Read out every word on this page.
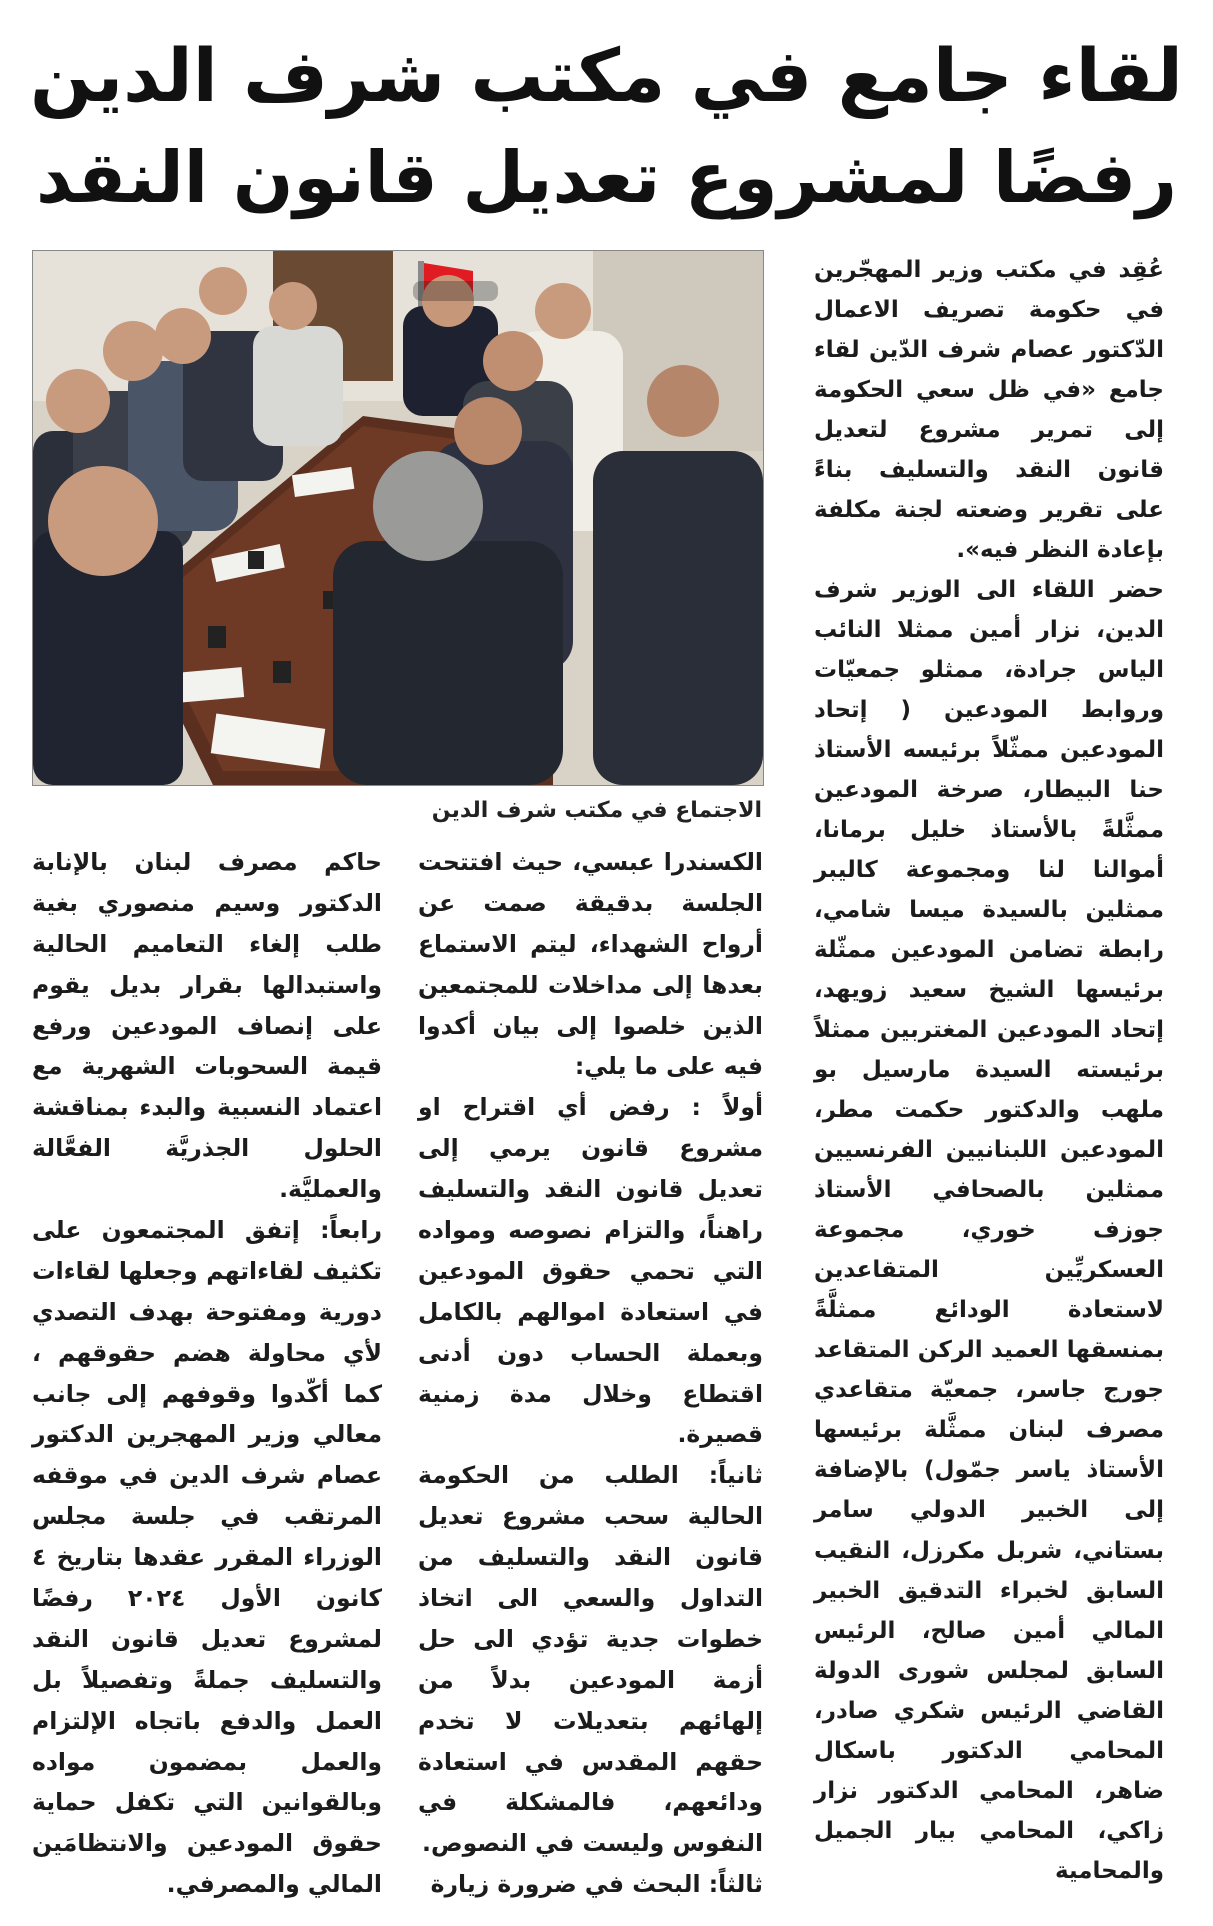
لقاء جامع في مكتب شرف الدين
رفضًا لمشروع تعديل قانون النقد
الاجتماع في مكتب شرف الدين

عُقِد في مكتب وزير المهجّرين في حكومة تصريف الاعمال الدّكتور عصام شرف الدّين لقاء جامع «في ظل سعي الحكومة إلى تمرير مشروع لتعديل قانون النقد والتسليف بناءً على تقرير وضعته لجنة مكلفة بإعادة النظر فيه».

حضر اللقاء الى الوزير شرف الدين، نزار أمين ممثلا النائب الياس جرادة، ممثلو جمعيّات وروابط المودعين ( إتحاد المودعين ممثّلاً برئيسه الأستاذ حنا البيطار، صرخة المودعين ممثَّلةً بالأستاذ خليل برمانا، أموالنا لنا ومجموعة كاليبر ممثلين بالسيدة ميسا شامي، رابطة تضامن المودعين ممثّلة برئيسها الشيخ سعيد زويهد، إتحاد المودعين المغتربين ممثلاً برئيسته السيدة مارسيل بو ملهب والدكتور حكمت مطر، المودعين اللبنانيين الفرنسيين ممثلين بالصحافي الأستاذ جوزف خوري، مجموعة العسكريِّين المتقاعدين لاستعادة الودائع ممثلَّةً بمنسقها العميد الركن المتقاعد جورج جاسر، جمعيّة متقاعدي مصرف لبنان ممثَّلة برئيسها الأستاذ ياسر جمّول) بالإضافة إلى الخبير الدولي سامر بستاني، شربل مكرزل، النقيب السابق لخبراء التدقيق الخبير المالي أمين صالح، الرئيس السابق لمجلس شورى الدولة القاضي الرئيس شكري صادر، المحامي الدكتور باسكال ضاهر، المحامي الدكتور نزار زاكي، المحامي بيار الجميل والمحامية

الكسندرا عبسي، حيث افتتحت الجلسة بدقيقة صمت عن أرواح الشهداء، ليتم الاستماع بعدها إلى مداخلات للمجتمعين الذين خلصوا إلى بيان أكدوا فيه على ما يلي:

أولاً : رفض أي اقتراح او مشروع قانون يرمي إلى تعديل قانون النقد والتسليف راهناً، والتزام نصوصه ومواده التي تحمي حقوق المودعين في استعادة اموالهم بالكامل وبعملة الحساب دون أدنى اقتطاع وخلال مدة زمنية قصيرة.

ثانياً: الطلب من الحكومة الحالية سحب مشروع تعديل قانون النقد والتسليف من التداول والسعي الى اتخاذ خطوات جدية تؤدي الى حل أزمة المودعين بدلاً من إلهائهم بتعديلات لا تخدم حقهم المقدس في استعادة ودائعهم، فالمشكلة في النفوس وليست في النصوص.

ثالثاً: البحث في ضرورة زيارة

حاكم مصرف لبنان بالإنابة الدكتور وسيم منصوري بغية طلب إلغاء التعاميم الحالية واستبدالها بقرار بديل يقوم على إنصاف المودعين ورفع قيمة السحوبات الشهرية مع اعتماد النسبية والبدء بمناقشة الحلول الجذريَّة الفعَّالة والعمليَّة.

رابعاً: إتفق المجتمعون على تكثيف لقاءاتهم وجعلها لقاءات دورية ومفتوحة بهدف التصدي لأي محاولة هضم حقوقهم ، كما أكّدوا وقوفهم إلى جانب معالي وزير المهجرين الدكتور عصام شرف الدين في موقفه المرتقب في جلسة مجلس الوزراء المقرر عقدها بتاريخ ٤ كانون الأول ٢٠٢٤ رفضًا لمشروع تعديل قانون النقد والتسليف جملةً وتفصيلاً بل العمل والدفع باتجاه الإلتزام والعمل بمضمون مواده وبالقوانين التي تكفل حماية حقوق المودعين والانتظامَين المالي والمصرفي.
